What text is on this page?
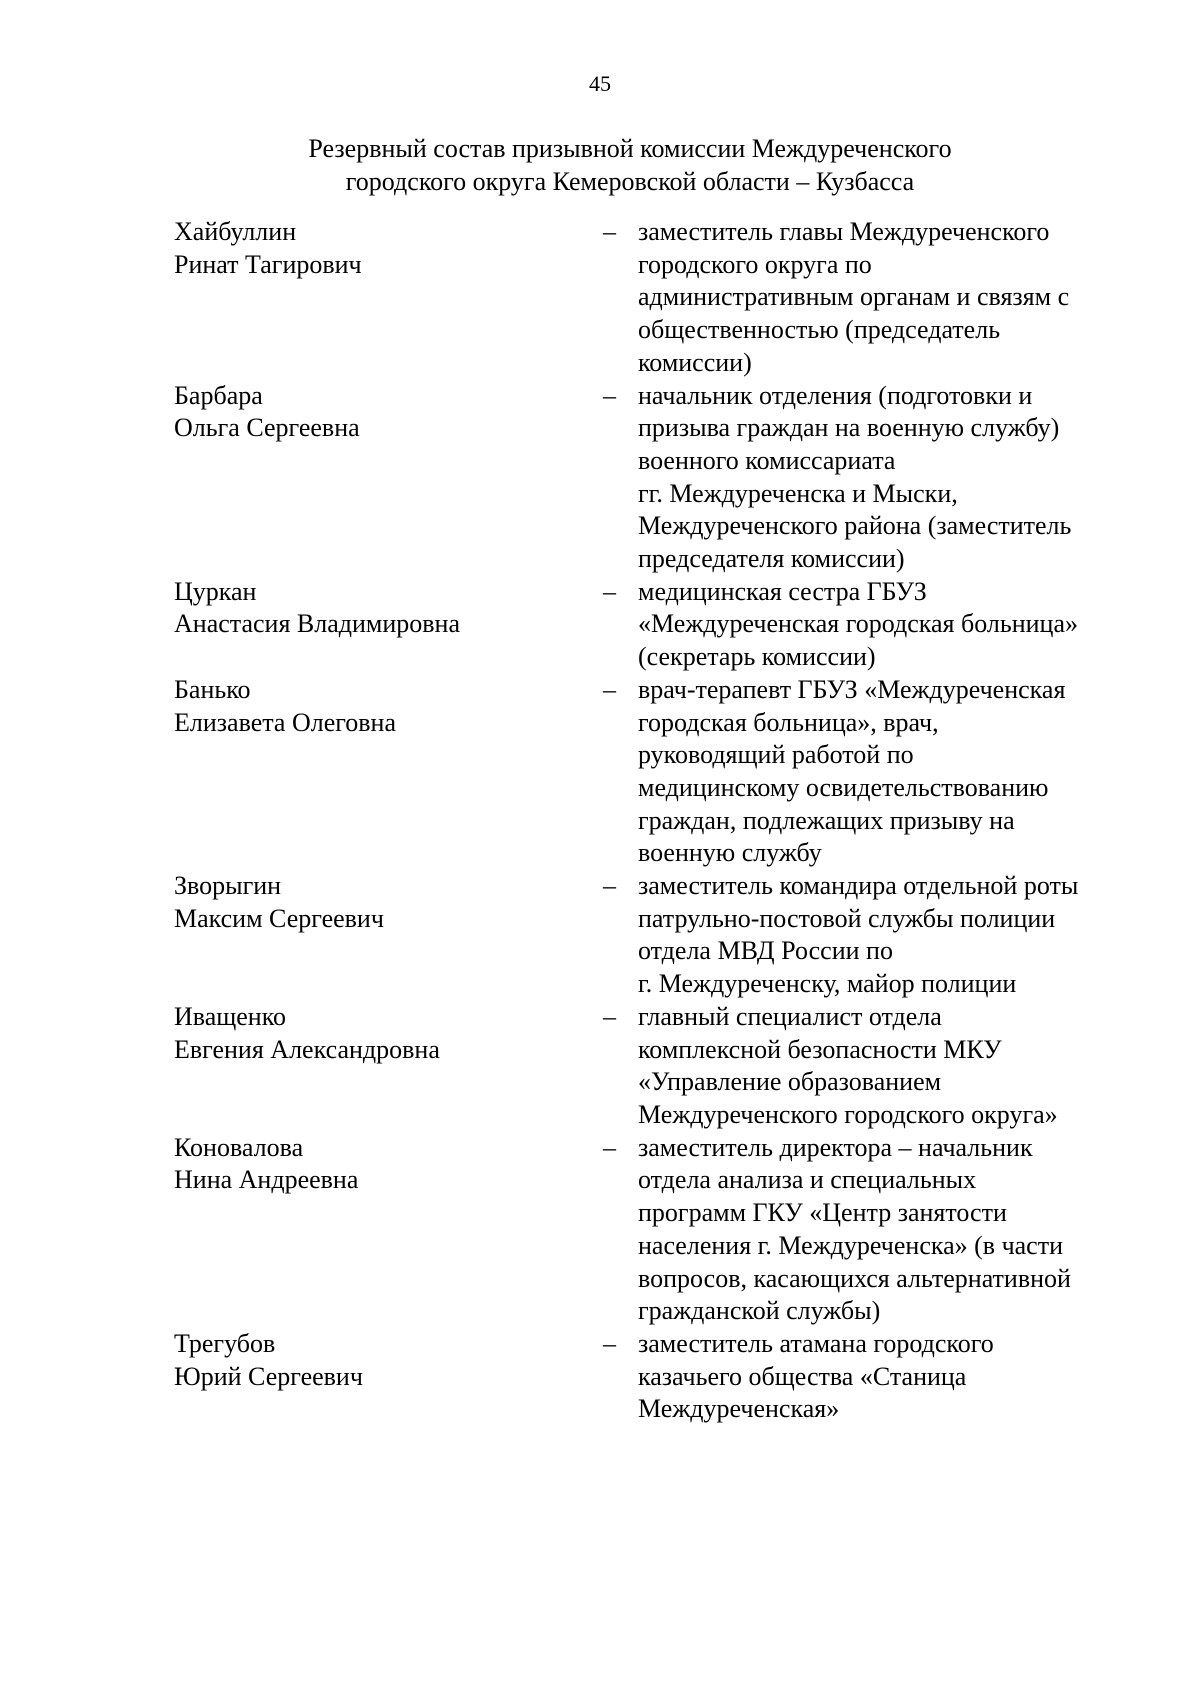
45
Резервный состав призывной комиссии Междуреченского
городского округа Кемеровской области – Кузбасса
Хайбуллин
Ринат Тагирович
– заместитель главы Междуреченского
городского округа по
административным органам и связям с
общественностью (председатель
комиссии)
Барбара
Ольга Сергеевна
– начальник отделения (подготовки и
призыва граждан на военную службу)
военного комиссариата
гг. Междуреченска и Мыски,
Междуреченского района (заместитель
председателя комиссии)
Цуркан
Анастасия Владимировна
– медицинская сестра ГБУЗ
«Междуреченская городская больница»
(секретарь комиссии)
Банько
Елизавета Олеговна
– врач-терапевт ГБУЗ «Междуреченская
городская больница», врач,
руководящий работой по
медицинскому освидетельствованию
граждан, подлежащих призыву на
военную службу
Зворыгин
Максим Сергеевич
– заместитель командира отдельной роты
патрульно-постовой службы полиции
отдела МВД России по
г. Междуреченску, майор полиции
Иващенко
Евгения Александровна
– главный специалист отдела
комплексной безопасности МКУ
«Управление образованием
Междуреченского городского округа»
Коновалова
Нина Андреевна
– заместитель директора – начальник
отдела анализа и специальных
программ ГКУ «Центр занятости
населения г. Междуреченска» (в части
вопросов, касающихся альтернативной
гражданской службы)
Трегубов
Юрий Сергеевич
– заместитель атамана городского
казачьего общества «Станица
Междуреченская»
